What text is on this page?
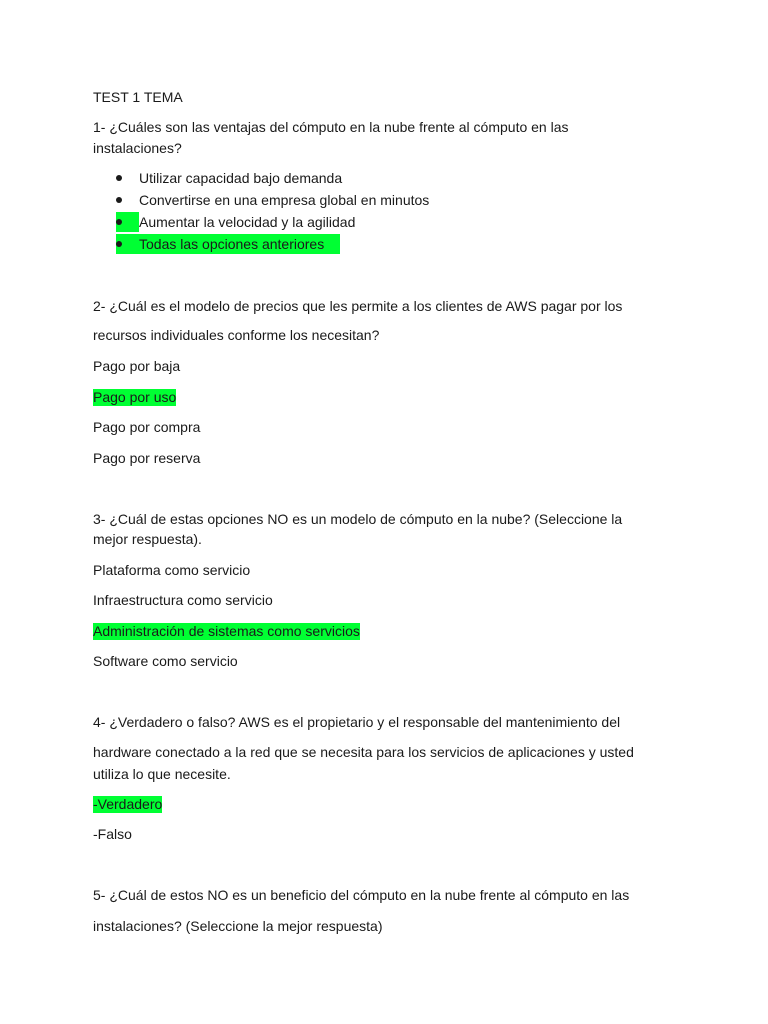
TEST 1 TEMA
1- ¿Cuáles son las ventajas del cómputo en la nube frente al cómputo en las
instalaciones?
Utilizar capacidad bajo demanda
Convertirse en una empresa global en minutos
Aumentar la velocidad y la agilidad
Todas las opciones anteriores
2- ¿Cuál es el modelo de precios que les permite a los clientes de AWS pagar por los
recursos individuales conforme los necesitan?
Pago por baja
Pago por uso
Pago por compra
Pago por reserva
3- ¿Cuál de estas opciones NO es un modelo de cómputo en la nube? (Seleccione la
mejor respuesta).
Plataforma como servicio
Infraestructura como servicio
Administración de sistemas como servicios
Software como servicio
4- ¿Verdadero o falso? AWS es el propietario y el responsable del mantenimiento del
hardware conectado a la red que se necesita para los servicios de aplicaciones y usted
utiliza lo que necesite.
-Verdadero
-Falso
5- ¿Cuál de estos NO es un beneficio del cómputo en la nube frente al cómputo en las
instalaciones? (Seleccione la mejor respuesta)
